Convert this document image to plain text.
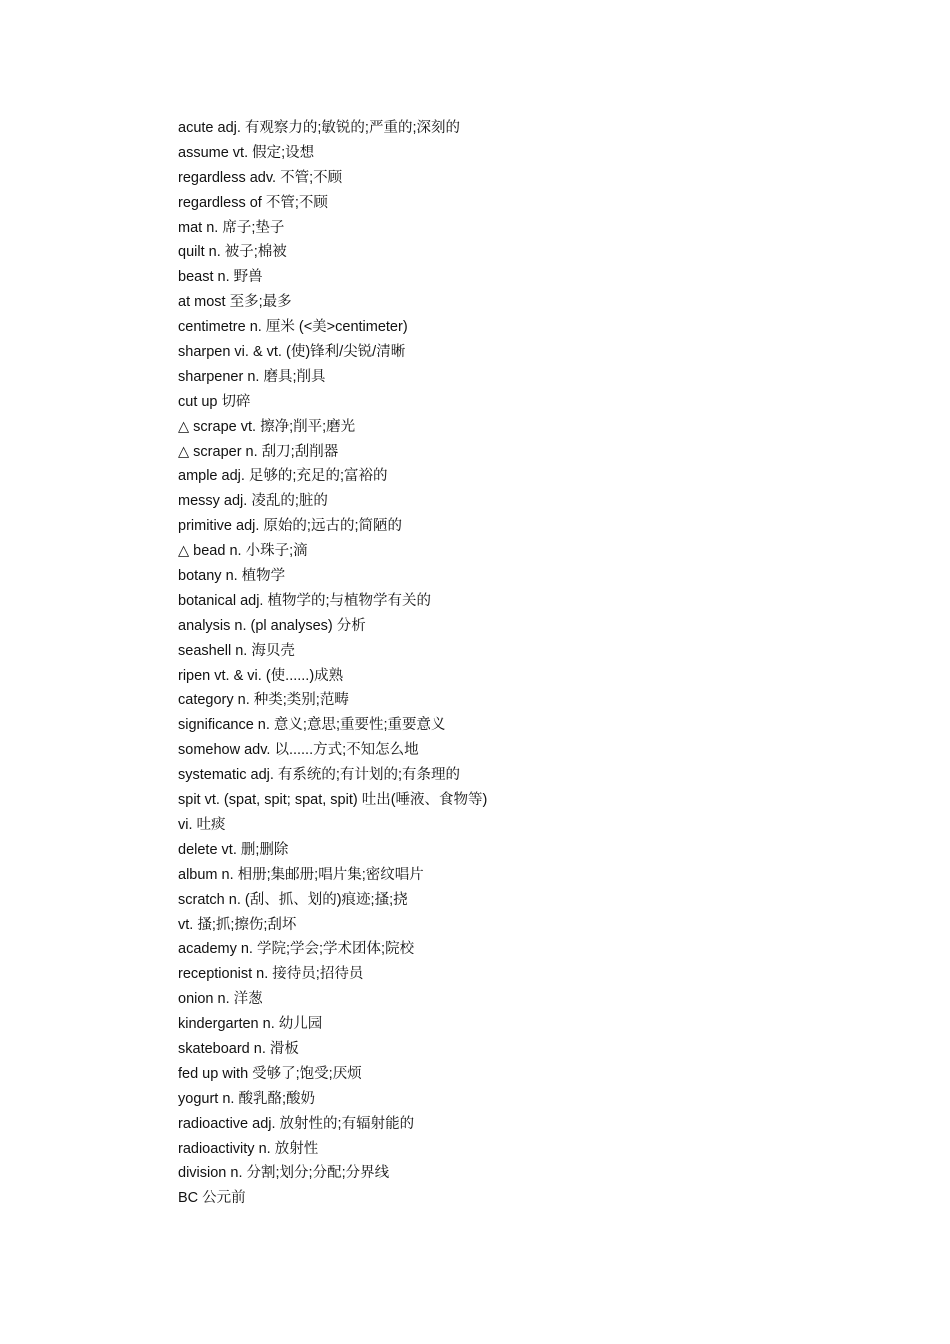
acute adj. 有观察力的;敏锐的;严重的;深刻的
assume vt. 假定;设想
regardless adv. 不管;不顾
regardless of 不管;不顾
mat n. 席子;垫子
quilt n. 被子;棉被
beast n. 野兽
at most 至多;最多
centimetre n. 厘米 (<美>centimeter)
sharpen vi. & vt. (使)锋利/尖锐/清晰
sharpener n. 磨具;削具
cut up 切碎
△ scrape vt. 擦净;削平;磨光
△ scraper n. 刮刀;刮削器
ample adj. 足够的;充足的;富裕的
messy adj. 凌乱的;脏的
primitive adj. 原始的;远古的;简陋的
△ bead n. 小珠子;滴
botany n. 植物学
botanical adj. 植物学的;与植物学有关的
analysis n. (pl analyses) 分析
seashell n. 海贝壳
ripen vt. & vi. (使......)成熟
category n. 种类;类别;范畴
significance n. 意义;意思;重要性;重要意义
somehow adv. 以......方式;不知怎么地
systematic adj. 有系统的;有计划的;有条理的
spit vt. (spat, spit; spat, spit) 吐出(唾液、食物等)
vi. 吐痰
delete vt. 删;删除
album n. 相册;集邮册;唱片集;密纹唱片
scratch n. (刮、抓、划的)痕迹;搔;挠
vt. 搔;抓;擦伤;刮坏
academy n. 学院;学会;学术团体;院校
receptionist n. 接待员;招待员
onion n. 洋葱
kindergarten n. 幼儿园
skateboard n. 滑板
fed up with 受够了;饱受;厌烦
yogurt n. 酸乳酪;酸奶
radioactive adj. 放射性的;有辐射能的
radioactivity n. 放射性
division n. 分割;划分;分配;分界线
BC 公元前
